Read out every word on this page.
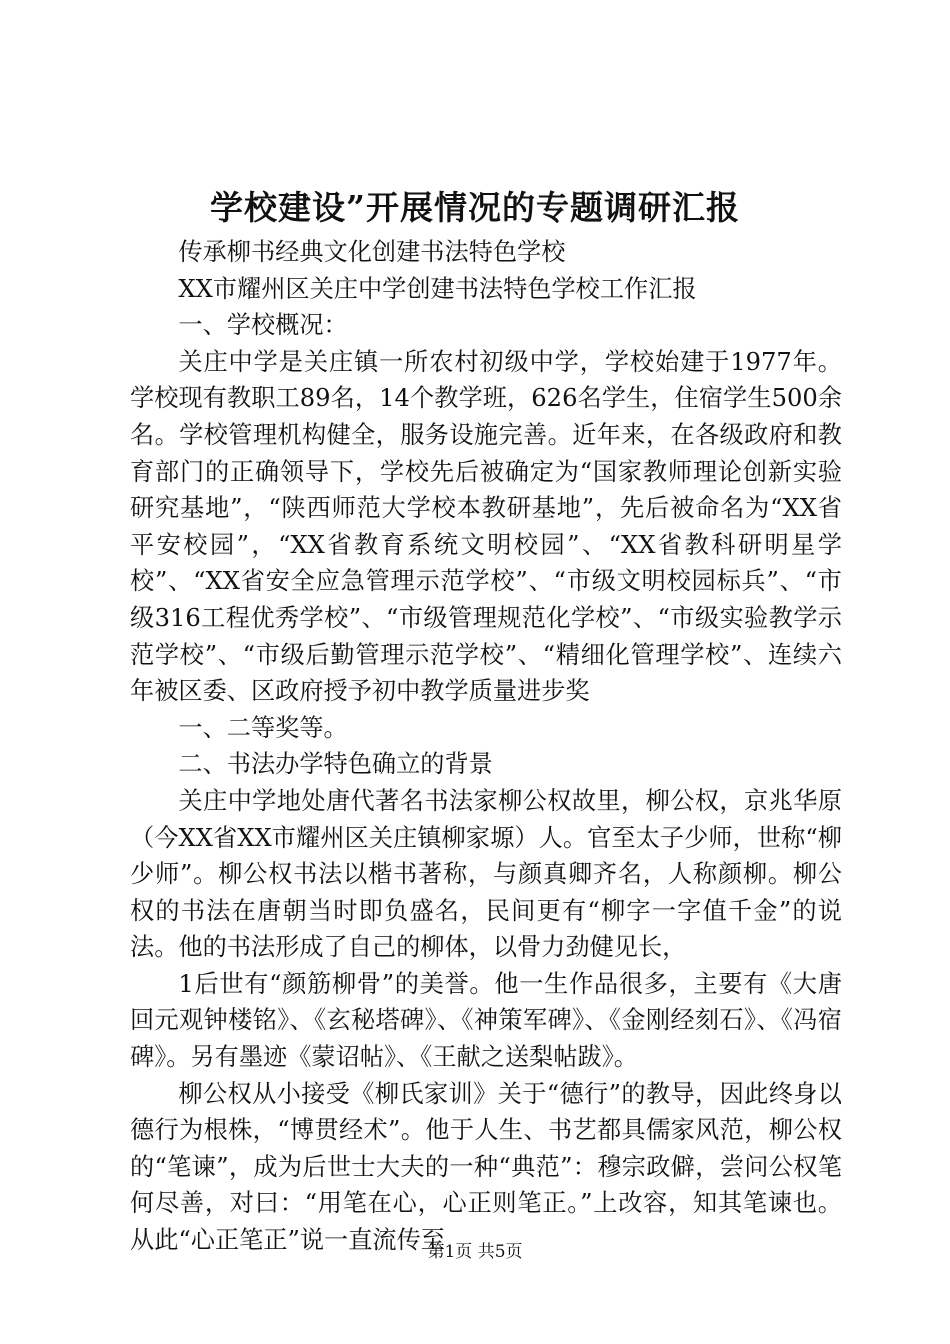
学校建设”开展情况的专题调研汇报

传承柳书经典文化创建书法特色学校

XX市耀州区关庄中学创建书法特色学校工作汇报

一、学校概况：

关庄中学是关庄镇一所农村初级中学，学校始建于1977年。学校现有教职工89名，14个教学班，626名学生，住宿学生500余名。学校管理机构健全，服务设施完善。近年来，在各级政府和教育部门的正确领导下，学校先后被确定为“国家教师理论创新实验研究基地”，“陕西师范大学校本教研基地”，先后被命名为“XX省平安校园”，“XX省教育系统文明校园”、“XX省教科研明星学校”、“XX省安全应急管理示范学校”、“市级文明校园标兵”、“市级316工程优秀学校”、“市级管理规范化学校”、“市级实验教学示范学校”、“市级后勤管理示范学校”、“精细化管理学校”、连续六年被区委、区政府授予初中教学质量进步奖

一、二等奖等。

二、书法办学特色确立的背景

关庄中学地处唐代著名书法家柳公权故里，柳公权，京兆华原（今XX省XX市耀州区关庄镇柳家塬）人。官至太子少师，世称“柳少师”。柳公权书法以楷书著称，与颜真卿齐名，人称颜柳。柳公权的书法在唐朝当时即负盛名，民间更有“柳字一字值千金”的说法。他的书法形成了自己的柳体，以骨力劲健见长，

1后世有“颜筋柳骨”的美誉。他一生作品很多，主要有《大唐回元观钟楼铭》、《玄秘塔碑》、《神策军碑》、《金刚经刻石》、《冯宿碑》。另有墨迹《蒙诏帖》、《王献之送梨帖跋》。

柳公权从小接受《柳氏家训》关于“德行”的教导，因此终身以德行为根株，“博贯经术”。他于人生、书艺都具儒家风范，柳公权的“笔谏”，成为后世士大夫的一种“典范”：穆宗政僻，尝问公权笔何尽善，对曰：“用笔在心，心正则笔正。”上改容，知其笔谏也。从此“心正笔正”说一直流传至

第1页 共5页
